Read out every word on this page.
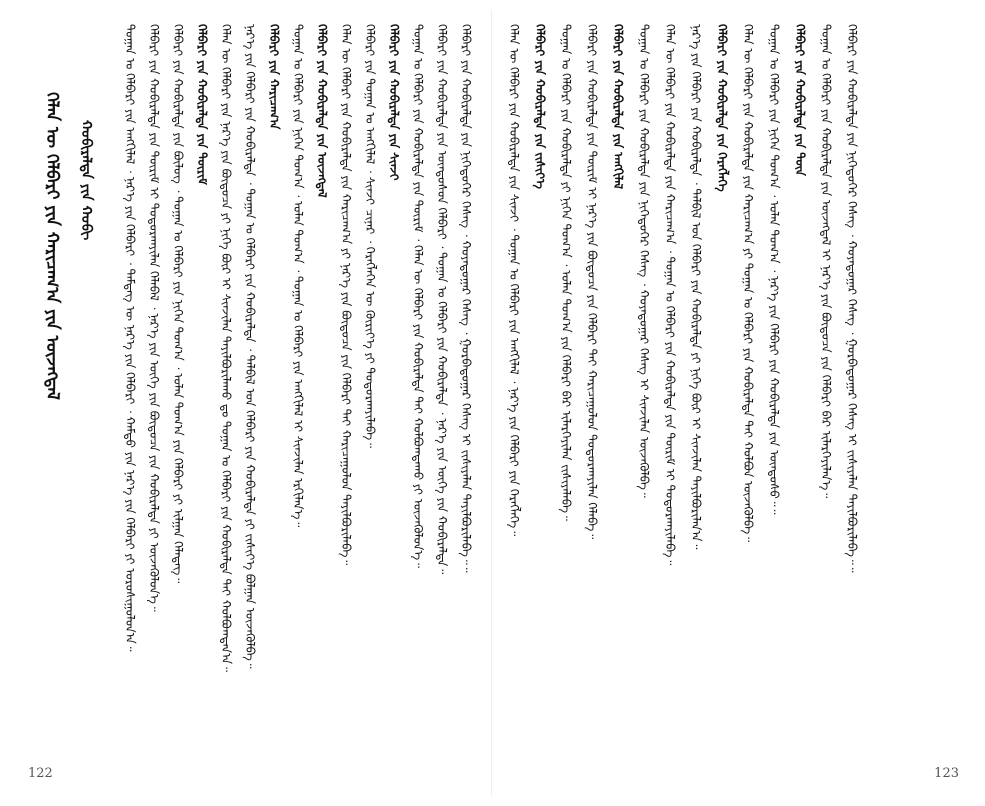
ᠬᠡᠯᠡᠨ ᠦ ᠬᠡᠯᠪᠡᠷᠢ ᠶᠢᠨ ᠬᠠᠷᠢᠴᠠᠭ᠎ᠠ ᠶᠢᠨ ᠦᠵᠡᠭᠳᠡᠯ ᠬᠤᠪᠢᠷᠠᠯᠲᠠ ᠶᠢᠨ ᠬᠤᠪᠢ ᠲᠣᠭᠠᠨ ᠤ ᠬᠡᠯᠪᠡᠷᠢ ᠶᠢᠨ ᠠᠩᠭᠢᠯᠠᠯ ᠂ ᠨᠡᠷ᠎ᠡ ᠶᠢᠨ ᠬᠡᠯᠪᠡᠷᠢ ᠂ ᠲᠡᠮᠳᠡᠭ ᠦ ᠨᠡᠷ᠎ᠡ ᠶᠢᠨ ᠬᠡᠯᠪᠡᠷᠢ ᠂ ᠬᠠᠮᠲᠤ ᠶᠢᠨ ᠨᠡᠷ᠎ᠡ ᠶᠢᠨ ᠬᠡᠯᠪᠡᠷᠢ ᠶᠢ ᠣᠷᠤᠰᠢᠭᠤᠯᠤᠨ᠎ᠠ᠃ ᠬᠡᠯᠪᠡᠷᠢ ᠶᠢᠨ ᠬᠤᠪᠢᠷᠠᠯᠲᠠ ᠶᠢᠨ ᠳᠦᠷᠢᠮ ᠢ ᠲᠣᠳᠤᠷᠬᠠᠶᠢᠯᠠᠨ ᠬᠡᠯᠡᠪᠡᠯ ᠂ ᠨᠡᠷ᠎ᠡ ᠶᠢᠨ ᠦᠭᠡ ᠶᠢᠨ ᠪᠦᠲᠦᠴᠡ ᠶᠢᠨ ᠬᠤᠪᠢᠷᠠᠯᠲᠠ ᠶᠢ ᠦᠵᠡᠭᠦᠯᠦᠨ᠎ᠡ᠃ ᠬᠡᠯᠪᠡᠷᠢ ᠶᠢᠨ ᠬᠤᠪᠢᠷᠠᠯᠲᠠ ᠶᠢᠨ ᠪᠦᠯᠦᠭ ᠂ ᠲᠣᠭᠠᠨ ᠤ ᠬᠡᠯᠪᠡᠷᠢ ᠶᠢᠨ ᠨᠢᠭᠡᠨ ᠲᠣᠭ᠎ᠠ ᠂ ᠣᠯᠠᠨ ᠲᠣᠭ᠎ᠠ ᠶᠢᠨ ᠬᠡᠯᠪᠡᠷᠢ ᠶᠢ ᠢᠯᠭᠠᠨ ᠬᠡᠯᠡᠳᠡᠭ᠃ ᠬᠡᠯᠪᠡᠷᠢ ᠶᠢᠨ ᠬᠤᠪᠢᠷᠠᠯᠲᠠ ᠶᠢᠨ ᠳᠦᠷᠢᠮ ᠬᠡᠯᠡᠨ ᠦ ᠬᠡᠯᠪᠡᠷᠢ ᠶᠢᠨ ᠨᠡᠷ᠎ᠡ ᠶᠢᠨ ᠪᠦᠲᠦᠴᠡ ᠶᠢ ᠨᠢᠭᠡ ᠪᠦᠷ ᠢ ᠰᠢᠨᠵᠢᠯᠡᠨ ᠲᠠᠶᠢᠯᠪᠤᠷᠢᠯᠠᠬᠤ ᠳᠤ ᠲᠣᠭᠠᠨ ᠤ ᠬᠡᠯᠪᠡᠷᠢ ᠶᠢᠨ ᠬᠤᠪᠢᠷᠠᠯᠲᠠ ᠲᠠᠢ ᠬᠣᠯᠪᠣᠭᠳᠠᠨ᠎ᠠ᠃ ᠨᠡᠷ᠎ᠡ ᠶᠢᠨ ᠬᠡᠯᠪᠡᠷᠢ ᠶᠢᠨ ᠬᠤᠪᠢᠷᠠᠯᠲᠠ ᠂ ᠲᠣᠭᠠᠨ ᠤ ᠬᠡᠯᠪᠡᠷᠢ ᠶᠢᠨ ᠬᠤᠪᠢᠷᠠᠯᠲᠠ ᠂ ᠲᠠᠯᠪᠢᠯ ᠤᠨ ᠬᠡᠯᠪᠡᠷᠢ ᠶᠢᠨ ᠬᠤᠪᠢᠷᠠᠯᠲᠠ ᠶᠢ ᠵᠢᠱᠢᠶ᠎ᠡ ᠪᠣᠯᠭᠠᠨ ᠦᠵᠡᠭᠦᠯᠪᠡ᠃ ᠬᠡᠯᠪᠡᠷᠢ ᠶᠢᠨ ᠬᠠᠷᠢᠴᠠᠭ᠎ᠠ ᠲᠣᠭᠠᠨ ᠤ ᠬᠡᠯᠪᠡᠷᠢ ᠶᠢᠨ ᠨᠢᠭᠡᠨ ᠲᠣᠭ᠎ᠠ ᠂ ᠣᠯᠠᠨ ᠲᠣᠭ᠎ᠠ ᠂ ᠲᠣᠭᠠᠨ ᠤ ᠬᠡᠯᠪᠡᠷᠢ ᠶᠢᠨ ᠠᠩᠭᠢᠯᠠᠯ ᠢ ᠰᠢᠨᠵᠢᠯᠡᠨ ᠡᠷᠬᠢᠯᠡᠨ᠎ᠡ᠃ ᠬᠡᠯᠪᠡᠷᠢ ᠶᠢᠨ ᠬᠤᠪᠢᠷᠠᠯᠲᠠ ᠶᠢᠨ ᠦᠵᠡᠭᠳᠡᠯ ᠬᠡᠯᠡᠨ ᠦ ᠬᠡᠯᠪᠡᠷᠢ ᠶᠢᠨ ᠬᠤᠪᠢᠷᠠᠯᠲᠠ ᠶᠢᠨ ᠬᠠᠷᠢᠴᠠᠭ᠎ᠠ ᠶᠢ ᠨᠡᠷ᠎ᠡ ᠶᠢᠨ ᠪᠦᠲᠦᠴᠡ ᠶᠢᠨ ᠬᠡᠯᠪᠡᠷᠢ ᠲᠠᠢ ᠬᠠᠷᠢᠴᠠᠭᠤᠯᠤᠨ ᠲᠠᠶᠢᠯᠪᠤᠷᠢᠯᠠᠪᠠ᠃ ᠬᠡᠯᠪᠡᠷᠢ ᠶᠢᠨ ᠲᠣᠭᠠᠨ ᠤ ᠠᠩᠭᠢᠯᠠᠯ ᠂ ᠰᠢᠨᠵᠢ ᠴᠢᠨᠠᠷ ᠂ ᠬᠡᠷᠡᠭᠯᠡᠭᠡᠨ ᠦ ᠬᠦᠷᠢᠶ᠎ᠡ ᠶᠢ ᠲᠣᠳᠤᠷᠬᠠᠶᠢᠯᠠᠪᠠ᠃ ᠬᠡᠯᠪᠡᠷᠢ ᠶᠢᠨ ᠬᠤᠪᠢᠷᠠᠯᠲᠠ ᠶᠢᠨ ᠰᠢᠨᠵᠢ ᠲᠣᠭᠠᠨ ᠤ ᠬᠡᠯᠪᠡᠷᠢ ᠶᠢᠨ ᠬᠤᠪᠢᠷᠠᠯᠲᠠ ᠶᠢᠨ ᠳᠦᠷᠢᠮ ᠂ ᠬᠡᠯᠡᠨ ᠦ ᠬᠡᠯᠪᠡᠷᠢ ᠶᠢᠨ ᠬᠤᠪᠢᠷᠠᠯᠲᠠ ᠲᠠᠢ ᠬᠣᠯᠪᠣᠭᠳᠠᠬᠤ ᠶᠢ ᠦᠵᠡᠭᠦᠯᠦᠨ᠎ᠡ᠃ ᠬᠡᠯᠪᠡᠷᠢ ᠶᠢᠨ ᠬᠤᠪᠢᠷᠠᠯᠲᠠ ᠶᠢᠨ ᠦᠨᠳᠦᠰᠦᠨ ᠬᠡᠯᠪᠡᠷᠢ ᠂ ᠲᠣᠭᠠᠨ ᠤ ᠬᠡᠯᠪᠡᠷᠢ ᠶᠢᠨ ᠬᠤᠪᠢᠷᠠᠯᠲᠠ ᠂ ᠨᠡᠷ᠎ᠡ ᠶᠢᠨ ᠦᠭᠡ ᠶᠢᠨ ᠬᠤᠪᠢᠷᠠᠯᠲᠠ᠃ ᠬᠡᠯᠪᠡᠷᠢ ᠶᠢᠨ ᠬᠤᠪᠢᠷᠠᠯᠲᠠ ᠶᠢᠨ ᠨᠢᠭᠡᠳᠦᠭᠡᠷ ᠬᠡᠰᠡᠭ ᠂ ᠬᠤᠶᠠᠳᠤᠭᠠᠷ ᠬᠡᠰᠡᠭ ᠂ ᠭᠤᠷᠪᠠᠳᠤᠭᠠᠷ ᠬᠡᠰᠡᠭ ᠢ ᠵᠢᠱᠢᠶᠡᠯᠡᠨ ᠲᠠᠶᠢᠯᠪᠤᠷᠢᠯᠠᠪᠠ᠃᠃
122
ᠬᠡᠯᠡᠨ ᠦ ᠬᠡᠯᠪᠡᠷᠢ ᠶᠢᠨ ᠬᠤᠪᠢᠷᠠᠯᠲᠠ ᠶᠢᠨ ᠰᠢᠨᠵᠢ ᠂ ᠲᠣᠭᠠᠨ ᠤ ᠬᠡᠯᠪᠡᠷᠢ ᠶᠢᠨ ᠠᠩᠭᠢᠯᠠᠯ ᠂ ᠨᠡᠷ᠎ᠡ ᠶᠢᠨ ᠬᠡᠯᠪᠡᠷᠢ ᠶᠢᠨ ᠬᠡᠷᠡᠭᠯᠡᠭᠡ᠃ ᠬᠡᠯᠪᠡᠷᠢ ᠶᠢᠨ ᠬᠤᠪᠢᠷᠠᠯᠲᠠ ᠶᠢᠨ ᠵᠢᠱᠢᠶ᠎ᠡ ᠲᠣᠭᠠᠨ ᠤ ᠬᠡᠯᠪᠡᠷᠢ ᠶᠢᠨ ᠬᠤᠪᠢᠷᠠᠯᠲᠠ ᠶᠢ ᠨᠢᠭᠡᠨ ᠲᠣᠭ᠎ᠠ ᠂ ᠣᠯᠠᠨ ᠲᠣᠭ᠎ᠠ ᠶᠢᠨ ᠬᠡᠯᠪᠡᠷᠢ ᠪᠡᠷ ᠢᠯᠡᠷᠬᠡᠶᠢᠯᠡᠨ ᠵᠢᠱᠢᠶᠡᠯᠡᠪᠡ᠃ ᠬᠡᠯᠪᠡᠷᠢ ᠶᠢᠨ ᠬᠤᠪᠢᠷᠠᠯᠲᠠ ᠶᠢᠨ ᠳᠦᠷᠢᠮ ᠢ ᠨᠡᠷ᠎ᠡ ᠶᠢᠨ ᠪᠦᠲᠦᠴᠡ ᠶᠢᠨ ᠬᠡᠯᠪᠡᠷᠢ ᠲᠠᠢ ᠬᠠᠷᠢᠴᠠᠭᠤᠯᠤᠨ ᠲᠣᠳᠤᠷᠬᠠᠶᠢᠯᠠᠨ ᠬᠡᠯᠡᠪᠡ᠃ ᠬᠡᠯᠪᠡᠷᠢ ᠶᠢᠨ ᠬᠤᠪᠢᠷᠠᠯᠲᠠ ᠶᠢᠨ ᠠᠩᠭᠢᠯᠠᠯ ᠲᠣᠭᠠᠨ ᠤ ᠬᠡᠯᠪᠡᠷᠢ ᠶᠢᠨ ᠬᠤᠪᠢᠷᠠᠯᠲᠠ ᠶᠢᠨ ᠨᠢᠭᠡᠳᠦᠭᠡᠷ ᠬᠡᠰᠡᠭ ᠂ ᠬᠤᠶᠠᠳᠤᠭᠠᠷ ᠬᠡᠰᠡᠭ ᠢ ᠰᠢᠨᠵᠢᠯᠡᠨ ᠦᠵᠡᠭᠦᠯᠪᠡ᠃ ᠬᠡᠯᠡᠨ ᠦ ᠬᠡᠯᠪᠡᠷᠢ ᠶᠢᠨ ᠬᠤᠪᠢᠷᠠᠯᠲᠠ ᠶᠢᠨ ᠬᠠᠷᠢᠴᠠᠭ᠎ᠠ ᠂ ᠲᠣᠭᠠᠨ ᠤ ᠬᠡᠯᠪᠡᠷᠢ ᠶᠢᠨ ᠬᠤᠪᠢᠷᠠᠯᠲᠠ ᠶᠢᠨ ᠳᠦᠷᠢᠮ ᠢ ᠲᠣᠳᠤᠷᠬᠠᠶᠢᠯᠠᠪᠠ᠃ ᠨᠡᠷ᠎ᠡ ᠶᠢᠨ ᠬᠡᠯᠪᠡᠷᠢ ᠶᠢᠨ ᠬᠤᠪᠢᠷᠠᠯᠲᠠ ᠂ ᠲᠠᠯᠪᠢᠯ ᠤᠨ ᠬᠡᠯᠪᠡᠷᠢ ᠶᠢᠨ ᠬᠤᠪᠢᠷᠠᠯᠲᠠ ᠶᠢ ᠨᠢᠭᠡ ᠪᠦᠷ ᠢ ᠰᠢᠨᠵᠢᠯᠡᠨ ᠲᠠᠶᠢᠯᠪᠤᠷᠢᠯᠠᠨ᠎ᠠ᠃ ᠬᠡᠯᠪᠡᠷᠢ ᠶᠢᠨ ᠬᠤᠪᠢᠷᠠᠯᠲᠠ ᠶᠢᠨ ᠬᠡᠷᠡᠭᠯᠡᠭᠡ ᠬᠡᠯᠡᠨ ᠦ ᠬᠡᠯᠪᠡᠷᠢ ᠶᠢᠨ ᠬᠤᠪᠢᠷᠠᠯᠲᠠ ᠶᠢᠨ ᠬᠠᠷᠢᠴᠠᠭ᠎ᠠ ᠶᠢ ᠲᠣᠭᠠᠨ ᠤ ᠬᠡᠯᠪᠡᠷᠢ ᠶᠢᠨ ᠬᠤᠪᠢᠷᠠᠯᠲᠠ ᠲᠠᠢ ᠬᠣᠯᠪᠣᠨ ᠦᠵᠡᠭᠦᠯᠪᠡ᠃ ᠲᠣᠭᠠᠨ ᠤ ᠬᠡᠯᠪᠡᠷᠢ ᠶᠢᠨ ᠨᠢᠭᠡᠨ ᠲᠣᠭ᠎ᠠ ᠂ ᠣᠯᠠᠨ ᠲᠣᠭ᠎ᠠ ᠂ ᠨᠡᠷ᠎ᠡ ᠶᠢᠨ ᠬᠡᠯᠪᠡᠷᠢ ᠶᠢᠨ ᠬᠤᠪᠢᠷᠠᠯᠲᠠ ᠶᠢᠨ ᠦᠨᠳᠦᠰᠦ᠃᠃ ᠬᠡᠯᠪᠡᠷᠢ ᠶᠢᠨ ᠬᠤᠪᠢᠷᠠᠯᠲᠠ ᠶᠢᠨ ᠳᠦᠨ ᠲᠣᠭᠠᠨ ᠤ ᠬᠡᠯᠪᠡᠷᠢ ᠶᠢᠨ ᠬᠤᠪᠢᠷᠠᠯᠲᠠ ᠶᠢᠨ ᠦᠵᠡᠭᠳᠡᠯ ᠢ ᠨᠡᠷ᠎ᠡ ᠶᠢᠨ ᠪᠦᠲᠦᠴᠡ ᠶᠢᠨ ᠬᠡᠯᠪᠡᠷᠢ ᠪᠡᠷ ᠢᠯᠡᠷᠬᠡᠶᠢᠯᠡᠨ᠎ᠡ᠃ ᠬᠡᠯᠪᠡᠷᠢ ᠶᠢᠨ ᠬᠤᠪᠢᠷᠠᠯᠲᠠ ᠶᠢᠨ ᠨᠢᠭᠡᠳᠦᠭᠡᠷ ᠬᠡᠰᠡᠭ ᠂ ᠬᠤᠶᠠᠳᠤᠭᠠᠷ ᠬᠡᠰᠡᠭ ᠂ ᠭᠤᠷᠪᠠᠳᠤᠭᠠᠷ ᠬᠡᠰᠡᠭ ᠢ ᠵᠢᠱᠢᠶᠡᠯᠡᠨ ᠲᠠᠶᠢᠯᠪᠤᠷᠢᠯᠠᠪᠠ᠃᠃
123
